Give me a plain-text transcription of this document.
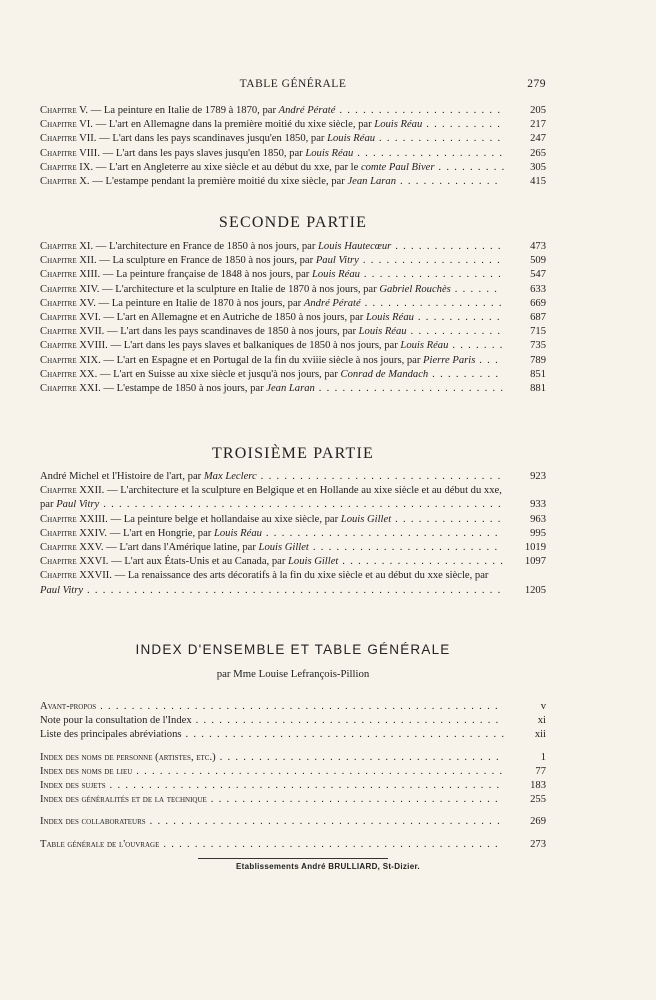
TABLE GÉNÉRALE	279
Chapitre V. — La peinture en Italie de 1789 à 1870, par André Pératé . . . . . . . . . . . . . . . . . . . . .	205
Chapitre VI. — L'art en Allemagne dans la première moitié du xixe siècle, par Louis Réau . . . . . . . . . .	217
Chapitre VII. — L'art dans les pays scandinaves jusqu'en 1850, par Louis Réau . . . . . . . . . . . . . . . .	247
Chapitre VIII. — L'art dans les pays slaves jusqu'en 1850, par Louis Réau . . . . . . . . . . . . . . . . . . .	265
Chapitre IX. — L'art en Angleterre au xixe siècle et au début du xxe, par le comte Paul Biver . . . . . . . . .	305
Chapitre X. — L'estampe pendant la première moitié du xixe siècle, par Jean Laran . . . . . . . . . . . . .	415
SECONDE PARTIE
Chapitre XI. — L'architecture en France de 1850 à nos jours, par Louis Hautecœur . . . . . . . . . . . . . .	473
Chapitre XII. — La sculpture en France de 1850 à nos jours, par Paul Vitry . . . . . . . . . . . . . . . . . .	509
Chapitre XIII. — La peinture française de 1848 à nos jours, par Louis Réau . . . . . . . . . . . . . . . . . .	547
Chapitre XIV. — L'architecture et la sculpture en Italie de 1870 à nos jours, par Gabriel Rouchès . . . . . .	633
Chapitre XV. — La peinture en Italie de 1870 à nos jours, par André Pératé . . . . . . . . . . . . . . . . . .	669
Chapitre XVI. — L'art en Allemagne et en Autriche de 1850 à nos jours, par Louis Réau . . . . . . . . . . .	687
Chapitre XVII. — L'art dans les pays scandinaves de 1850 à nos jours, par Louis Réau . . . . . . . . . . . .	715
Chapitre XVIII. — L'art dans les pays slaves et balkaniques de 1850 à nos jours, par Louis Réau . . . . . . .	735
Chapitre XIX. — L'art en Espagne et en Portugal de la fin du xviiie siècle à nos jours, par Pierre Paris . . .	789
Chapitre XX. — L'art en Suisse au xixe siècle et jusqu'à nos jours, par Conrad de Mandach . . . . . . . . .	851
Chapitre XXI. — L'estampe de 1850 à nos jours, par Jean Laran . . . . . . . . . . . . . . . . . . . . . . . .	881
TROISIÈME PARTIE
André Michel et l'Histoire de l'art, par Max Leclerc . . . . . . . . . . . . . . . . . . . . . . . . . . . . . . .	923
Chapitre XXII. — L'architecture et la sculpture en Belgique et en Hollande au xixe siècle et au début du xxe, par Paul Vitry . . . . . . . . . . . . . . . . . . . . . . . . . . . . . . . . . . . . . . . . . . . . . . . . . . .	933
Chapitre XXIII. — La peinture belge et hollandaise au xixe siècle, par Louis Gillet . . . . . . . . . . . . . .	963
Chapitre XXIV. — L'art en Hongrie, par Louis Réau . . . . . . . . . . . . . . . . . . . . . . . . . . . . . .	995
Chapitre XXV. — L'art dans l'Amérique latine, par Louis Gillet . . . . . . . . . . . . . . . . . . . . . . . .	1019
Chapitre XXVI. — L'art aux États-Unis et au Canada, par Louis Gillet . . . . . . . . . . . . . . . . . . . . .	1097
Chapitre XXVII. — La renaissance des arts décoratifs à la fin du xixe siècle et au début du xxe siècle, par Paul Vitry . . . . . . . . . . . . . . . . . . . . . . . . . . . . . . . . . . . . . . . . . . . . . . . . . . . . .	1205
INDEX D'ENSEMBLE ET TABLE GÉNÉRALE
par Mme Louise Lefrançois-Pillion
Avant-propos . . . . . . . . . . . . . . . . . . . . . . . . . . . . . . . . . . . . . . . . . . . . . . . . . . .	v
Note pour la consultation de l'Index . . . . . . . . . . . . . . . . . . . . . . . . . . . . . . . . . . . . . . .	xi
Liste des principales abréviations . . . . . . . . . . . . . . . . . . . . . . . . . . . . . . . . . . . . . . . . .	xii
Index des noms de personne (artistes, etc.) . . . . . . . . . . . . . . . . . . . . . . . . . . . . . . . . . . . .	1
Index des noms de lieu . . . . . . . . . . . . . . . . . . . . . . . . . . . . . . . . . . . . . . . . . . . . . . .	77
Index des sujets . . . . . . . . . . . . . . . . . . . . . . . . . . . . . . . . . . . . . . . . . . . . . . . . . .	183
Index des généralités et de la technique . . . . . . . . . . . . . . . . . . . . . . . . . . . . . . . . . . . . .	255
Index des collaborateurs . . . . . . . . . . . . . . . . . . . . . . . . . . . . . . . . . . . . . . . . . . . . .	269
Table générale de l'ouvrage . . . . . . . . . . . . . . . . . . . . . . . . . . . . . . . . . . . . . . . . . . .	273
Etablissements André BRULLIARD, St-Dizier.
